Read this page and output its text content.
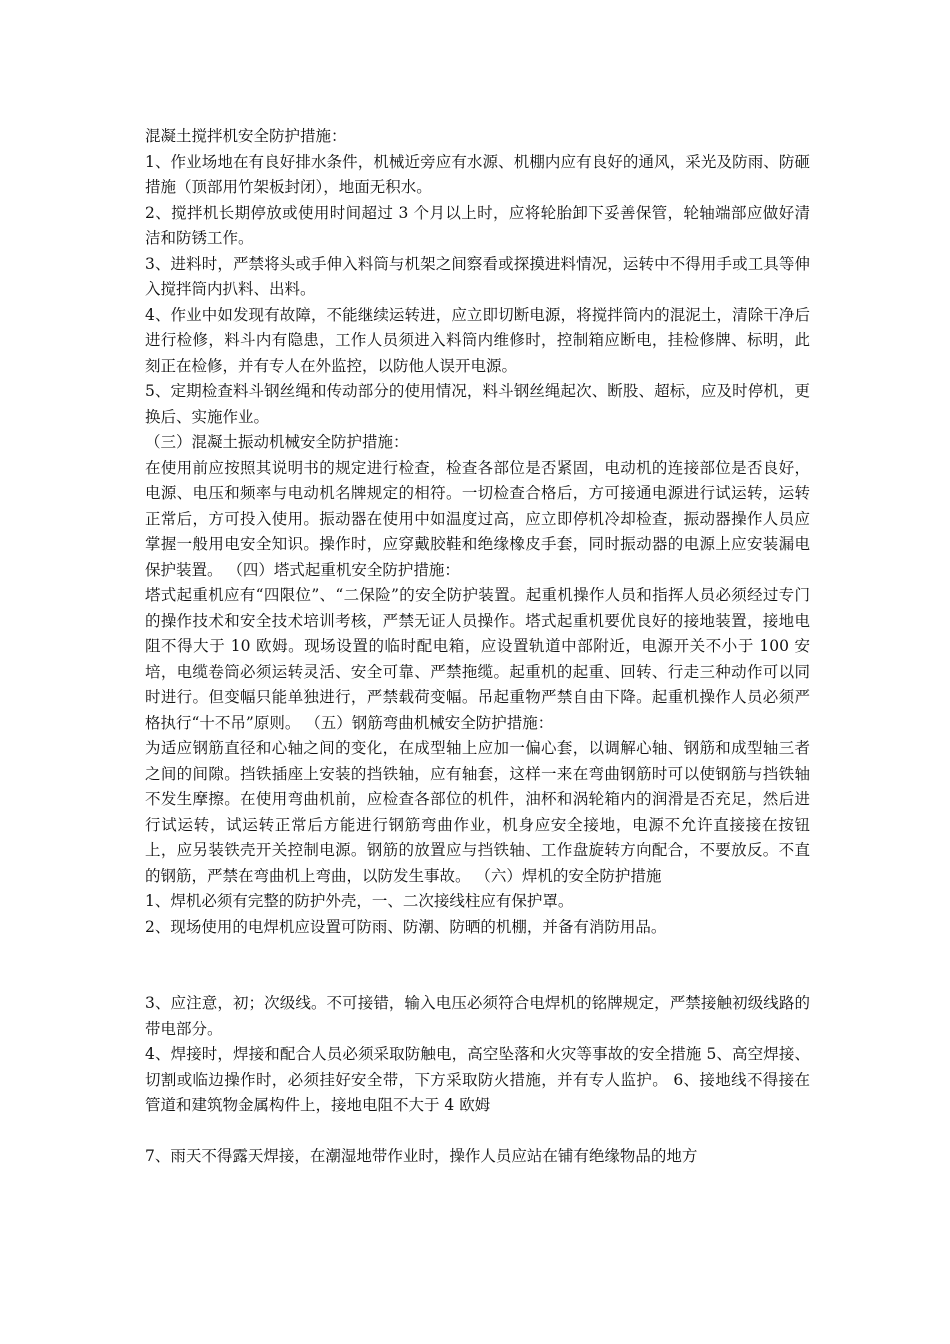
混凝土搅拌机安全防护措施：

1、作业场地在有良好排水条件，机械近旁应有水源、机棚内应有良好的通风，采光及防雨、防砸措施（顶部用竹架板封闭），地面无积水。

2、搅拌机长期停放或使用时间超过 3 个月以上时，应将轮胎卸下妥善保管，轮轴端部应做好清洁和防锈工作。

3、进料时，严禁将头或手伸入料筒与机架之间察看或探摸进料情况，运转中不得用手或工具等伸入搅拌筒内扒料、出料。

4、作业中如发现有故障，不能继续运转进，应立即切断电源，将搅拌筒内的混泥土，清除干净后进行检修，料斗内有隐患，工作人员须进入料筒内维修时，控制箱应断电，挂检修牌、标明，此刻正在检修，并有专人在外监控，以防他人误开电源。

5、定期检查料斗钢丝绳和传动部分的使用情况，料斗钢丝绳起次、断股、超标，应及时停机，更换后、实施作业。

（三）混凝土振动机械安全防护措施：

在使用前应按照其说明书的规定进行检查，检查各部位是否紧固，电动机的连接部位是否良好，电源、电压和频率与电动机名牌规定的相符。一切检查合格后，方可接通电源进行试运转，运转正常后，方可投入使用。振动器在使用中如温度过高，应立即停机冷却检查，振动器操作人员应掌握一般用电安全知识。操作时，应穿戴胶鞋和绝缘橡皮手套，同时振动器的电源上应安装漏电保护装置。 （四）塔式起重机安全防护措施：

塔式起重机应有“四限位”、“二保险”的安全防护装置。起重机操作人员和指挥人员必须经过专门的操作技术和安全技术培训考核，严禁无证人员操作。塔式起重机要优良好的接地装置，接地电阻不得大于 10 欧姆。现场设置的临时配电箱，应设置轨道中部附近，电源开关不小于 100 安培，电缆卷筒必须运转灵活、安全可靠、严禁拖缆。起重机的起重、回转、行走三种动作可以同时进行。但变幅只能单独进行，严禁载荷变幅。吊起重物严禁自由下降。起重机操作人员必须严格执行“十不吊”原则。 （五）钢筋弯曲机械安全防护措施：

为适应钢筋直径和心轴之间的变化，在成型轴上应加一偏心套，以调解心轴、钢筋和成型轴三者之间的间隙。挡铁插座上安装的挡铁轴，应有轴套，这样一来在弯曲钢筋时可以使钢筋与挡铁轴不发生摩擦。在使用弯曲机前，应检查各部位的机件，油杯和涡轮箱内的润滑是否充足，然后进行试运转，试运转正常后方能进行钢筋弯曲作业，机身应安全接地，电源不允许直接接在按钮上，应另装铁壳开关控制电源。钢筋的放置应与挡铁轴、工作盘旋转方向配合，不要放反。不直的钢筋，严禁在弯曲机上弯曲，以防发生事故。 （六）焊机的安全防护措施

1、焊机必须有完整的防护外壳，一、二次接线柱应有保护罩。

2、现场使用的电焊机应设置可防雨、防潮、防晒的机棚，并备有消防用品。

3、应注意，初；次级线。不可接错，输入电压必须符合电焊机的铭牌规定，严禁接触初级线路的带电部分。

4、焊接时，焊接和配合人员必须采取防触电，高空坠落和火灾等事故的安全措施 5、高空焊接、切割或临边操作时，必须挂好安全带，下方采取防火措施，并有专人监护。 6、接地线不得接在管道和建筑物金属构件上，接地电阻不大于 4 欧姆

7、雨天不得露天焊接，在潮湿地带作业时，操作人员应站在铺有绝缘物品的地方
